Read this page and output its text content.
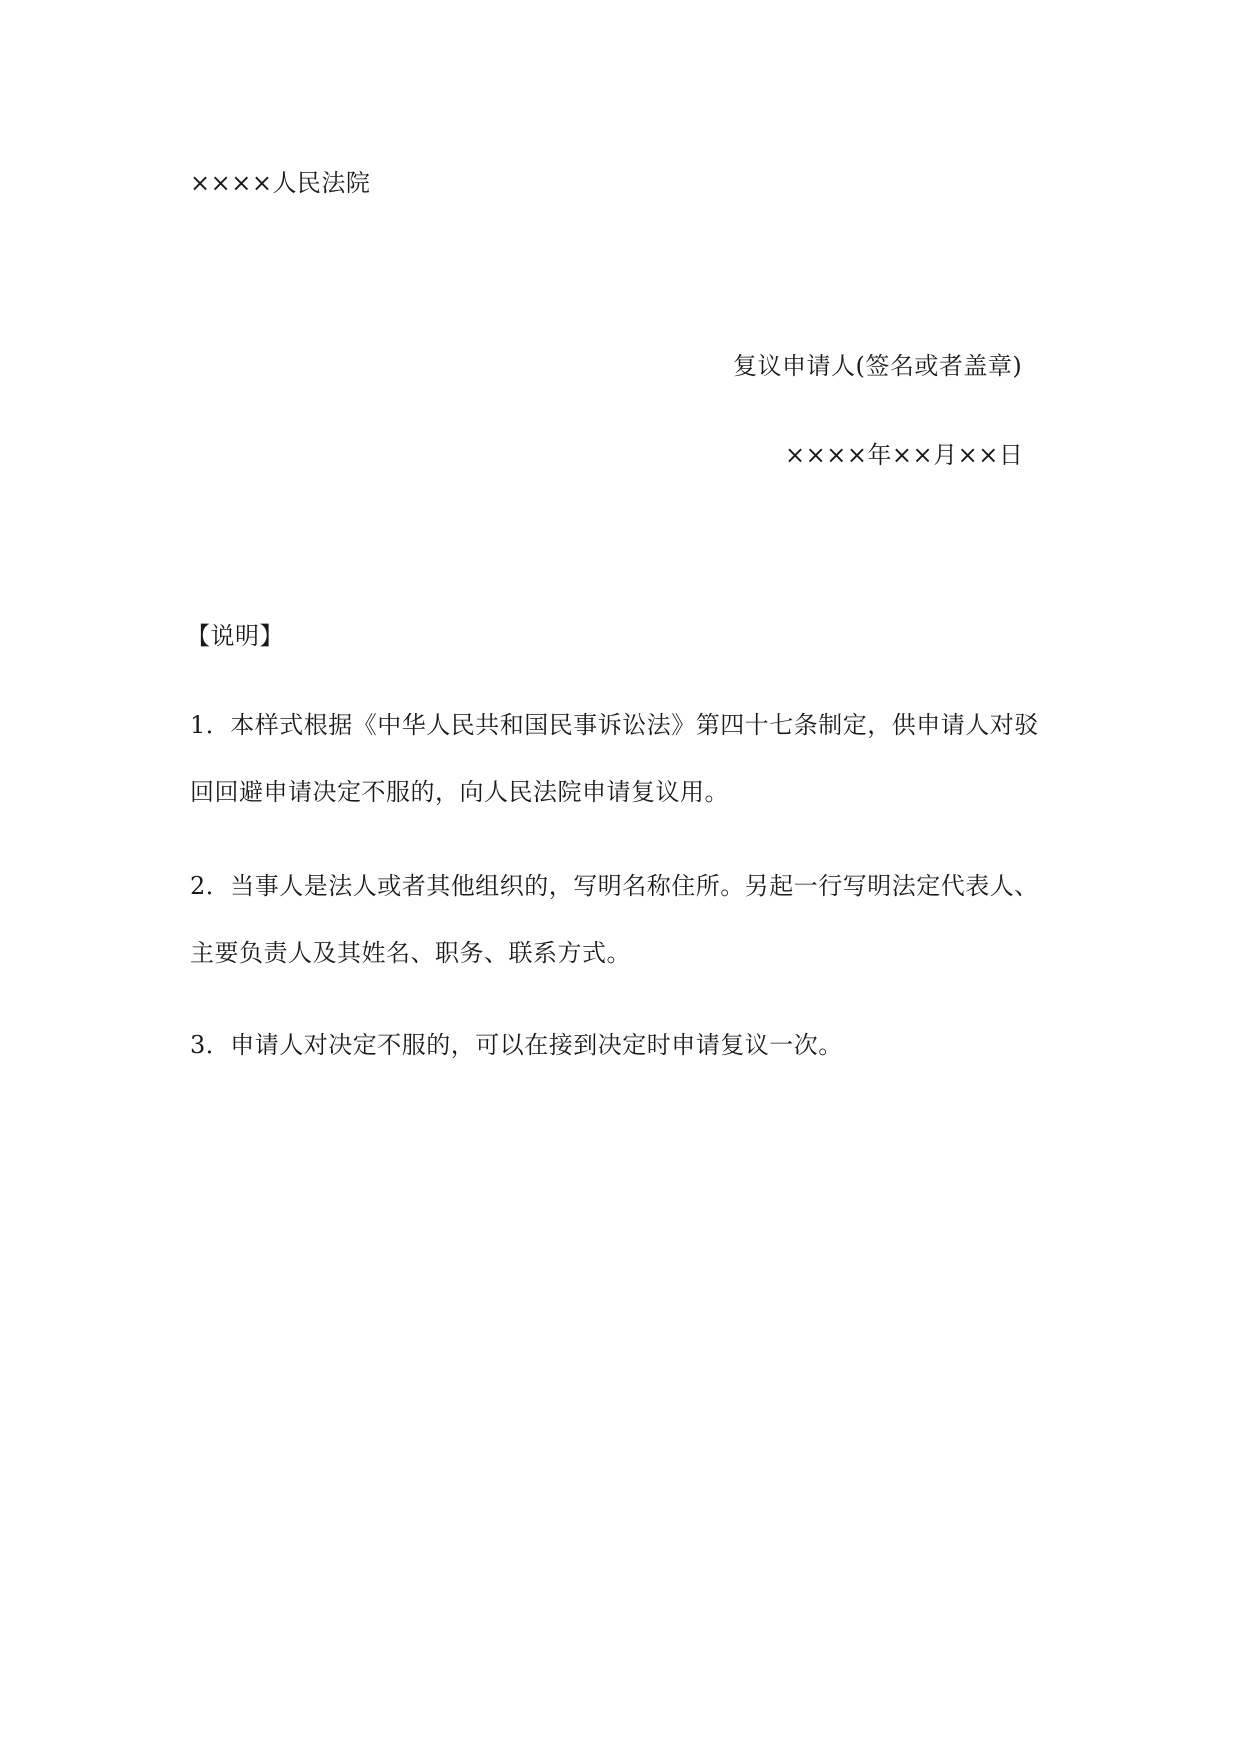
××××人民法院
复议申请人(签名或者盖章)
××××年××月××日
【说明】
1．本样式根据《中华人民共和国民事诉讼法》第四十七条制定，供申请人对驳
回回避申请决定不服的，向人民法院申请复议用。
2．当事人是法人或者其他组织的，写明名称住所。另起一行写明法定代表人、
主要负责人及其姓名、职务、联系方式。
3．申请人对决定不服的，可以在接到决定时申请复议一次。
